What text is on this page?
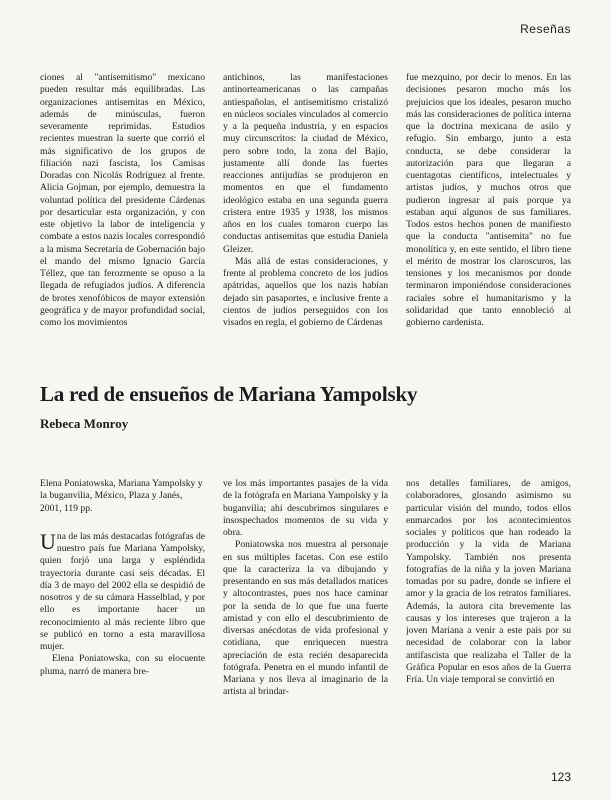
Reseñas

ciones al "antisemitismo" mexicano pueden resultar más equilibradas. Las organizaciones antisemitas en México, además de minúsculas, fueron severamente reprimidas. Estudios recientes muestran la suerte que corrió el más significativo de los grupos de filiación nazi fascista, los Camisas Doradas con Nicolás Rodríguez al frente. Alicia Gojman, por ejemplo, demuestra la voluntad política del presidente Cárdenas por desarticular esta organización, y con este objetivo la labor de inteligencia y combate a estos nazis locales correspondió a la misma Secretaría de Gobernación bajo el mando del mismo Ignacio García Téllez, que tan ferozmente se opuso a la llegada de refugiados judíos. A diferencia de brotes xenofóbicos de mayor extensión geográfica y de mayor profundidad social, como los movimientos

antichinos, las manifestaciones antinorteamericanas o las campañas antiespañolas, el antisemitismo cristalizó en núcleos sociales vinculados al comercio y a la pequeña industria, y en espacios muy circunscritos: la ciudad de México, pero sobre todo, la zona del Bajío, justamente allí donde las fuertes reacciones antijudías se produjeron en momentos en que el fundamento ideológico estaba en una segunda guerra cristera entre 1935 y 1938, los mismos años en los cuales tomaron cuerpo las conductas antisemitas que estudia Daniela Gleizer.

Más allá de estas consideraciones, y frente al problema concreto de los judíos apátridas, aquellos que los nazis habían dejado sin pasaportes, e inclusive frente a cientos de judíos perseguidos con los visados en regla, el gobierno de Cárdenas

fue mezquino, por decir lo menos. En las decisiones pesaron mucho más los prejuicios que los ideales, pesaron mucho más las consideraciones de política interna que la doctrina mexicana de asilo y refugio. Sin embargo, junto a esta conducta, se debe considerar la autorización para que llegaran a cuentagotas científicos, intelectuales y artistas judíos, y muchos otros que pudieron ingresar al país porque ya estaban aquí algunos de sus familiares. Todos estos hechos ponen de manifiesto que la conducta "antisemita" no fue monolítica y, en este sentido, el libro tiene el mérito de mostrar los claroscuros, las tensiones y los mecanismos por donde terminaron imponiéndose consideraciones raciales sobre el humanitarismo y la solidaridad que tanto ennobleció al gobierno cardenista.

La red de ensueños de Mariana Yampolsky
Rebeca Monroy

Elena Poniatowska, Mariana Yampolsky y la buganvilia, México, Plaza y Janés, 2001, 119 pp.

Una de las más destacadas fotógrafas de nuestro país fue Mariana Yampolsky, quien forjó una larga y espléndida trayectoria durante casi seis décadas. El día 3 de mayo del 2002 ella se despidió de nosotros y de su cámara Hasselblad, y por ello es importante hacer un reconocimiento al más reciente libro que se publicó en torno a esta maravillosa mujer.

Elena Poniatowska, con su elocuente pluma, narró de manera bre-

ve los más importantes pasajes de la vida de la fotógrafa en Mariana Yampolsky y la buganvilia; ahí descubrimos singulares e insospechados momentos de su vida y obra.

Poniatowska nos muestra al personaje en sus múltiples facetas. Con ese estilo que la caracteriza la va dibujando y presentando en sus más detallados matices y altocontrastes, pues nos hace caminar por la senda de lo que fue una fuerte amistad y con ello el descubrimiento de diversas anécdotas de vida profesional y cotidiana, que enriquecen nuestra apreciación de esta recién desaparecida fotógrafa. Penetra en el mundo infantil de Mariana y nos lleva al imaginario de la artista al brindar-

nos detalles familiares, de amigos, colaboradores, glosando asimismo su particular visión del mundo, todos ellos enmarcados por los acontecimientos sociales y políticos que han rodeado la producción y la vida de Mariana Yampolsky. También nos presenta fotografías de la niña y la joven Mariana tomadas por su padre, donde se infiere el amor y la gracia de los retratos familiares. Además, la autora cita brevemente las causas y los intereses que trajeron a la joven Mariana a venir a este país por su necesidad de colaborar con la labor antifascista que realizaba el Taller de la Gráfica Popular en esos años de la Guerra Fría. Un viaje temporal se convirtió en

123
